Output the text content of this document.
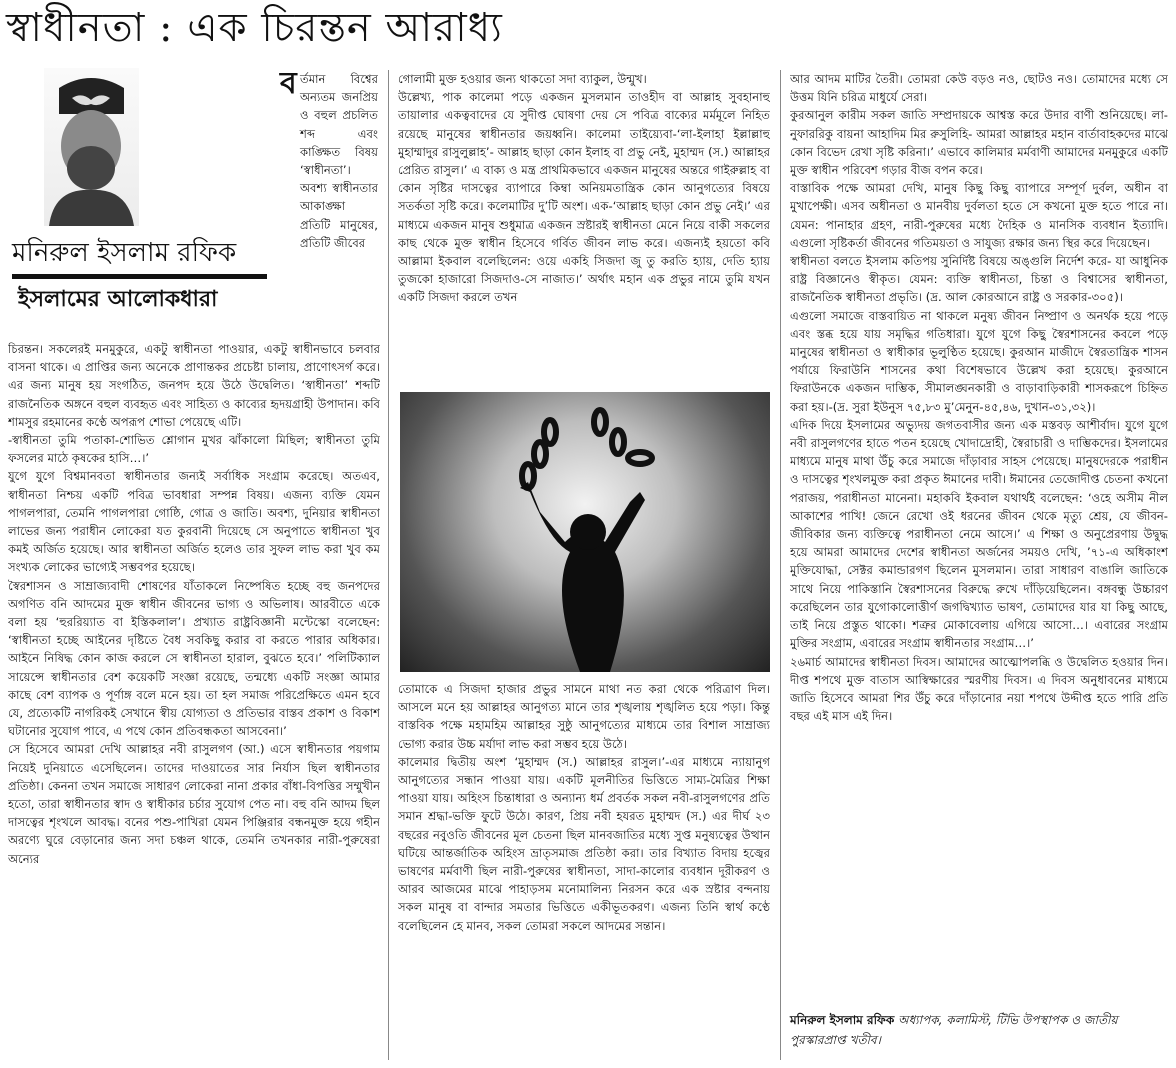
স্বাধীনতা : এক চিরন্তন আরাধ্য
মনিরুল ইসলাম রফিক
ইসলামের আলোকধারা
ব র্তমান বিশ্বের অন্যতম জনপ্রিয় ও বহুল প্রচলিত শব্দ এবং কাঙ্ক্ষিত বিষয় ‘স্বাধীনতা’। অবশ্য স্বাধীনতার আকাঙ্ক্ষা প্রতিটি মানুষের, প্রতিটি জীবের

চিরন্তন। সকলেরই মনমুকুরে, একটু স্বাধীনতা পাওয়ার, একটু স্বাধীনভাবে চলবার বাসনা থাকে। এ প্রাপ্তির জন্য অনেকে প্রাণান্তকর প্রচেষ্টা চালায়, প্রাণোৎসর্গ করে। এর জন্য মানুষ হয় সংগঠিত, জনপদ হয়ে উঠে উদ্বেলিত। ‘স্বাধীনতা’ শব্দটি রাজনৈতিক অঙ্গনে বহুল ব্যবহৃত এবং সাহিত্য ও কাব্যের হৃদয়গ্রাহী উপাদান। কবি শামসুর রহমানের কণ্ঠে অপরূপ শোভা পেয়েছে এটি।

-স্বাধীনতা তুমি পতাকা-শোভিত শ্লোগান মুখর ঝাঁকালো মিছিল; স্বাধীনতা তুমি ফসলের মাঠে কৃষকের হাসি…।’

যুগে যুগে বিশ্বমানবতা স্বাধীনতার জন্যই সর্বাধিক সংগ্রাম করেছে। অতএব, স্বাধীনতা নিশ্চয় একটি পবিত্র ভাবধারা সম্পন্ন বিষয়। এজন্য ব্যক্তি যেমন পাগলপারা, তেমনি পাগলপারা গোষ্ঠি, গোত্র ও জাতি। অবশ্য, দুনিয়ার স্বাধীনতা লাভের জন্য পরাধীন লোকেরা যত কুরবানী দিয়েছে সে অনুপাতে স্বাধীনতা খুব কমই অর্জিত হয়েছে। আর স্বাধীনতা অর্জিত হলেও তার সুফল লাভ করা খুব কম সংখ্যক লোকের ভাগ্যেই সম্ভবপর হয়েছে।

স্বৈরশাসন ও সাম্রাজ্যবাদী শোষণের যাঁতাকলে নিষ্পেষিত হচ্ছে বহু জনপদের অগণিত বনি আদমের মুক্ত স্বাধীন জীবনের ভাগ্য ও অভিলাষ। আরবীতে একে বলা হয় ‘হুররিয়্যাত বা ইস্তিকলাল’। প্রখ্যাত রাষ্ট্রবিজ্ঞানী মন্টেস্কো বলেছেন: ‘স্বাধীনতা হচ্ছে আইনের দৃষ্টিতে বৈধ সবকিছু করার বা করতে পারার অধিকার। আইনে নিষিদ্ধ কোন কাজ করলে সে স্বাধীনতা হারাল, বুঝতে হবে।’ পলিটিক্যাল সায়েন্সে স্বাধীনতার বেশ কয়েকটি সংজ্ঞা রয়েছে, তন্মধ্যে একটি সংজ্ঞা আমার কাছে বেশ ব্যাপক ও পূর্ণাঙ্গ বলে মনে হয়। তা হল সমাজ পরিপ্রেক্ষিতে এমন হবে যে, প্রত্যেকটি নাগরিকই সেখানে স্বীয় যোগ্যতা ও প্রতিভার বাস্তব প্রকাশ ও বিকাশ ঘটানোর সুযোগ পাবে, এ পথে কোন প্রতিবন্ধকতা আসবেনা।’

সে হিসেবে আমরা দেখি আল্লাহর নবী রাসুলগণ (আ.) এসে স্বাধীনতার পয়গাম নিয়েই দুনিয়াতে এসেছিলেন। তাদের দাওয়াতের সার নির্যাস ছিল স্বাধীনতার প্রতিষ্ঠা। কেননা তখন সমাজে সাধারণ লোকেরা নানা প্রকার বাঁধা-বিপত্তির সম্মুখীন হতো, তারা স্বাধীনতার স্বাদ ও স্বাধীকার চর্চার সুযোগ পেত না। বহু বনি আদম ছিল দাসত্বের শৃংখলে আবদ্ধ। বনের পশু-পাখিরা যেমন পিঞ্জিরার বন্ধনমুক্ত হয়ে গহীন অরণ্যে ঘুরে বেড়ানোর জন্য সদা চঞ্চল থাকে, তেমনি তখনকার নারী-পুরুষেরা অন্যের

গোলামী মুক্ত হওয়ার জন্য থাকতো সদা ব্যাকুল, উন্মুখ।

উল্লেখ্য, পাক কালেমা পড়ে একজন মুসলমান তাওহীদ বা আল্লাহ সুবহানাহু তায়ালার একত্ববাদের যে সুদীপ্ত ঘোষণা দেয় সে পবিত্র বাক্যের মর্মমূলে নিহিত রয়েছে মানুষের স্বাধীনতার জয়ধ্বনি। কালেমা তাইয়্যেবা-‘লা-ইলাহা ইল্লাল্লাহু মুহাম্মাদুর রাসুলুল্লাহ’- আল্লাহ ছাড়া কোন ইলাহ বা প্রভু নেই, মুহাম্মদ (স.) আল্লাহর প্রেরিত রাসুল।’ এ বাক্য ও মন্ত্র প্রাথমিকভাবে একজন মানুষের অন্তরে গাইরুল্লাহ বা কোন সৃষ্টির দাসত্বের ব্যাপারে কিম্বা অনিয়মতান্ত্রিক কোন আনুগত্যের বিষয়ে সতর্কতা সৃষ্টি করে। কলেমাটির দু’টি অংশ। এক-‘আল্লাহ ছাড়া কোন প্রভু নেই।’ এর মাধ্যমে একজন মানুষ শুধুমাত্র একজন স্রষ্টারই স্বাধীনতা মেনে নিয়ে বাকী সকলের কাছ থেকে মুক্ত স্বাধীন হিসেবে গর্বিত জীবন লাভ করে। এজন্যই হয়তো কবি আল্লামা ইকবাল বলেছিলেন: ওয়ে একহি সিজদা জু তু করতি হ্যায়, দেতি হ্যায় তুজকো হাজারো সিজদাও-সে নাজাত।’ অর্থাৎ মহান এক প্রভুর নামে তুমি যখন একটি সিজদা করলে তখন

তোমাকে এ সিজদা হাজার প্রভুর সামনে মাথা নত করা থেকে পরিত্রাণ দিল। আসলে মনে হয় আল্লাহর আনুগত্য মানে তার শৃঙ্খলায় শৃঙ্খলিত হয়ে পড়া। কিন্তু বাস্তবিক পক্ষে মহামহিম আল্লাহর সুষ্ঠু আনুগত্যের মাধ্যমে তার বিশাল সাম্রাজ্য ভোগ্য করার উচ্চ মর্যাদা লাভ করা সম্ভব হয়ে উঠে।

কালেমার দ্বিতীয় অংশ ‘মুহাম্মদ (স.) আল্লাহর রাসুল।’-এর মাধ্যমে ন্যায়ানুগ আনুগত্যের সন্ধান পাওয়া যায়। একটি মূলনীতির ভিত্তিতে সাম্য-মৈত্রির শিক্ষা পাওয়া যায়। অহিংস চিন্তাধারা ও অন্যান্য ধর্ম প্রবর্তক সকল নবী-রাসুলগণের প্রতি সমান শ্রদ্ধা-ভক্তি ফুটে উঠে। কারণ, প্রিয় নবী হযরত মুহাম্মদ (স.) এর দীর্ঘ ২৩ বছরের নবুওতি জীবনের মূল চেতনা ছিল মানবজাতির মধ্যে সুপ্ত মনুষ্যত্বের উত্থান ঘটিয়ে আন্তর্জাতিক অহিংস ভ্রাতৃসমাজ প্রতিষ্ঠা করা। তার বিখ্যাত বিদায় হজ্বের ভাষণের মর্মবাণী ছিল নারী-পুরুষের স্বাধীনতা, সাদা-কালোর ব্যবধান দূরীকরণ ও আরব আজমের মাঝে পাহাড়সম মনোমালিন্য নিরসন করে এক স্রষ্টার বন্দনায় সকল মানুষ বা বান্দার সমতার ভিত্তিতে একীভূতকরণ। এজন্য তিনি স্বার্থ কণ্ঠে বলেছিলেন হে মানব, সকল তোমরা সকলে আদমের সন্তান।

আর আদম মাটির তৈরী। তোমরা কেউ বড়ও নও, ছোটও নও। তোমাদের মধ্যে সে উত্তম যিনি চরিত্র মাধুর্যে সেরা।

কুরআনুল কারীম সকল জাতি সম্প্রদায়কে আশ্বস্ত করে উদার বাণী শুনিয়েছে। লা-নুফাররিকু বায়না আহাদিম মির রুসুলিহি- আমরা আল্লাহর মহান বার্তাবাহকদের মাঝে কোন বিভেদ রেখা সৃষ্টি করিনা।’ এভাবে কালিমার মর্মবাণী আমাদের মনমুকুরে একটি মুক্ত স্বাধীন পরিবেশ গড়ার বীজ বপন করে।

বাস্তাবিক পক্ষে আমরা দেখি, মানুষ কিছু কিছু ব্যাপারে সম্পূর্ণ দুর্বল, অধীন বা মুখাপেক্ষী। এসব অধীনতা ও মানবীয় দুর্বলতা হতে সে কখনো মুক্ত হতে পারে না। যেমন: পানাহার গ্রহণ, নারী-পুরুষের মধ্যে দৈহিক ও মানসিক ব্যবধান ইত্যাদি। এগুলো সৃষ্টিকর্তা জীবনের গতিময়তা ও সাযুজ্য রক্ষার জন্য স্থির করে দিয়েছেন।

স্বাধীনতা বলতে ইসলাম কতিপয় সুনির্দিষ্ট বিষয়ে অঙ্গুলি নির্দেশ করে- যা আধুনিক রাষ্ট্র বিজ্ঞানেও স্বীকৃত। যেমন: ব্যক্তি স্বাধীনতা, চিন্তা ও বিশ্বাসের স্বাধীনতা, রাজনৈতিক স্বাধীনতা প্রভৃতি। (দ্র. আল কোরআনে রাষ্ট্র ও সরকার-৩০৫)।

এগুলো সমাজে বাস্তবায়িত না থাকলে মনুষ্য জীবন নিষ্প্রাণ ও অনর্থক হয়ে পড়ে এবং স্তব্ধ হয়ে যায় সমৃদ্ধির গতিধারা। যুগে যুগে কিছু স্বৈরশাসনের কবলে পড়ে মানুষের স্বাধীনতা ও স্বাধীকার ভূলুণ্ঠিত হয়েছে। কুরআন মাজীদে স্বৈরতান্ত্রিক শাসন পর্যায়ে ফিরাউনি শাসনের কথা বিশেষভাবে উল্লেখ করা হয়েছে। কুরআনে ফিরাউনকে একজন দাম্ভিক, সীমালঙ্ঘনকারী ও বাড়াবাড়িকারী শাসকরূপে চিহ্নিত করা হয়।-(দ্র. সুরা ইউনুস ৭৫,৮৩ মু’মেনুন-৪৫,৪৬, দুখান-৩১,৩২)।

এদিক দিয়ে ইসলামের অভ্যুদয় জগতবাসীর জন্য এক মস্তবড় আশীর্বাদ। যুগে যুগে নবী রাসুলগণের হাতে পতন হয়েছে খোদাদ্রোহী, স্বৈরাচারী ও দাম্ভিকদের। ইসলামের মাধ্যমে মানুষ মাথা উঁচু করে সমাজে দাঁড়াবার সাহস পেয়েছে। মানুষদেরকে পরাধীন ও দাসত্বের শৃংখলমুক্ত করা প্রকৃত ঈমানের দাবী। ঈমানের তেজোদীপ্ত চেতনা কখনো পরাজয়, পরাধীনতা মানেনা। মহাকবি ইকবাল যথার্থই বলেছেন: ‘ওহে অসীম নীল আকাশের পাখি! জেনে রেখো ওই ধরনের জীবন থেকে মৃত্যু শ্রেয়, যে জীবন-জীবিকার জন্য ব্যক্তিত্বে পরাধীনতা নেমে আসে।’ এ শিক্ষা ও অনুপ্রেরণায় উদ্বুদ্ধ হয়ে আমরা আমাদের দেশের স্বাধীনতা অর্জনের সময়ও দেখি, ’৭১-এ অধিকাংশ মুক্তিযোদ্ধা, সেক্টর কমান্ডারগণ ছিলেন মুসলমান। তারা সাধারণ বাঙালি জাতিকে সাথে নিয়ে পাকিস্তানি স্বৈরশাসনের বিরুদ্ধে রুখে দাঁড়িয়েছিলেন। বঙ্গবন্ধু উচ্চারণ করেছিলেন তার যুগোকালোত্তীর্ণ জগদ্বিখ্যাত ভাষণ, তোমাদের যার যা কিছু আছে, তাই নিয়ে প্রস্তুত থাকো। শত্রুর মোকাবেলায় এগিয়ে আসো…। এবারের সংগ্রাম মুক্তির সংগ্রাম, এবারের সংগ্রাম স্বাধীনতার সংগ্রাম…।’

২৬মার্চ আমাদের স্বাধীনতা দিবস। আমাদের আত্মোপলব্ধি ও উদ্বেলিত হওয়ার দিন। দীপ্ত শপথে মুক্ত বাতাস আস্বিক্ষারের স্মরণীয় দিবস। এ দিবস অনুধাবনের মাধ্যমে জাতি হিসেবে আমরা শির উঁচু করে দাঁড়ানোর নয়া শপথে উদ্দীপ্ত হতে পারি প্রতি বছর এই মাস এই দিন।

মনিরুল ইসলাম রফিক অধ্যাপক, কলামিস্ট, টিভি উপস্থাপক ও জাতীয় পুরস্কারপ্রাপ্ত খতীব।
